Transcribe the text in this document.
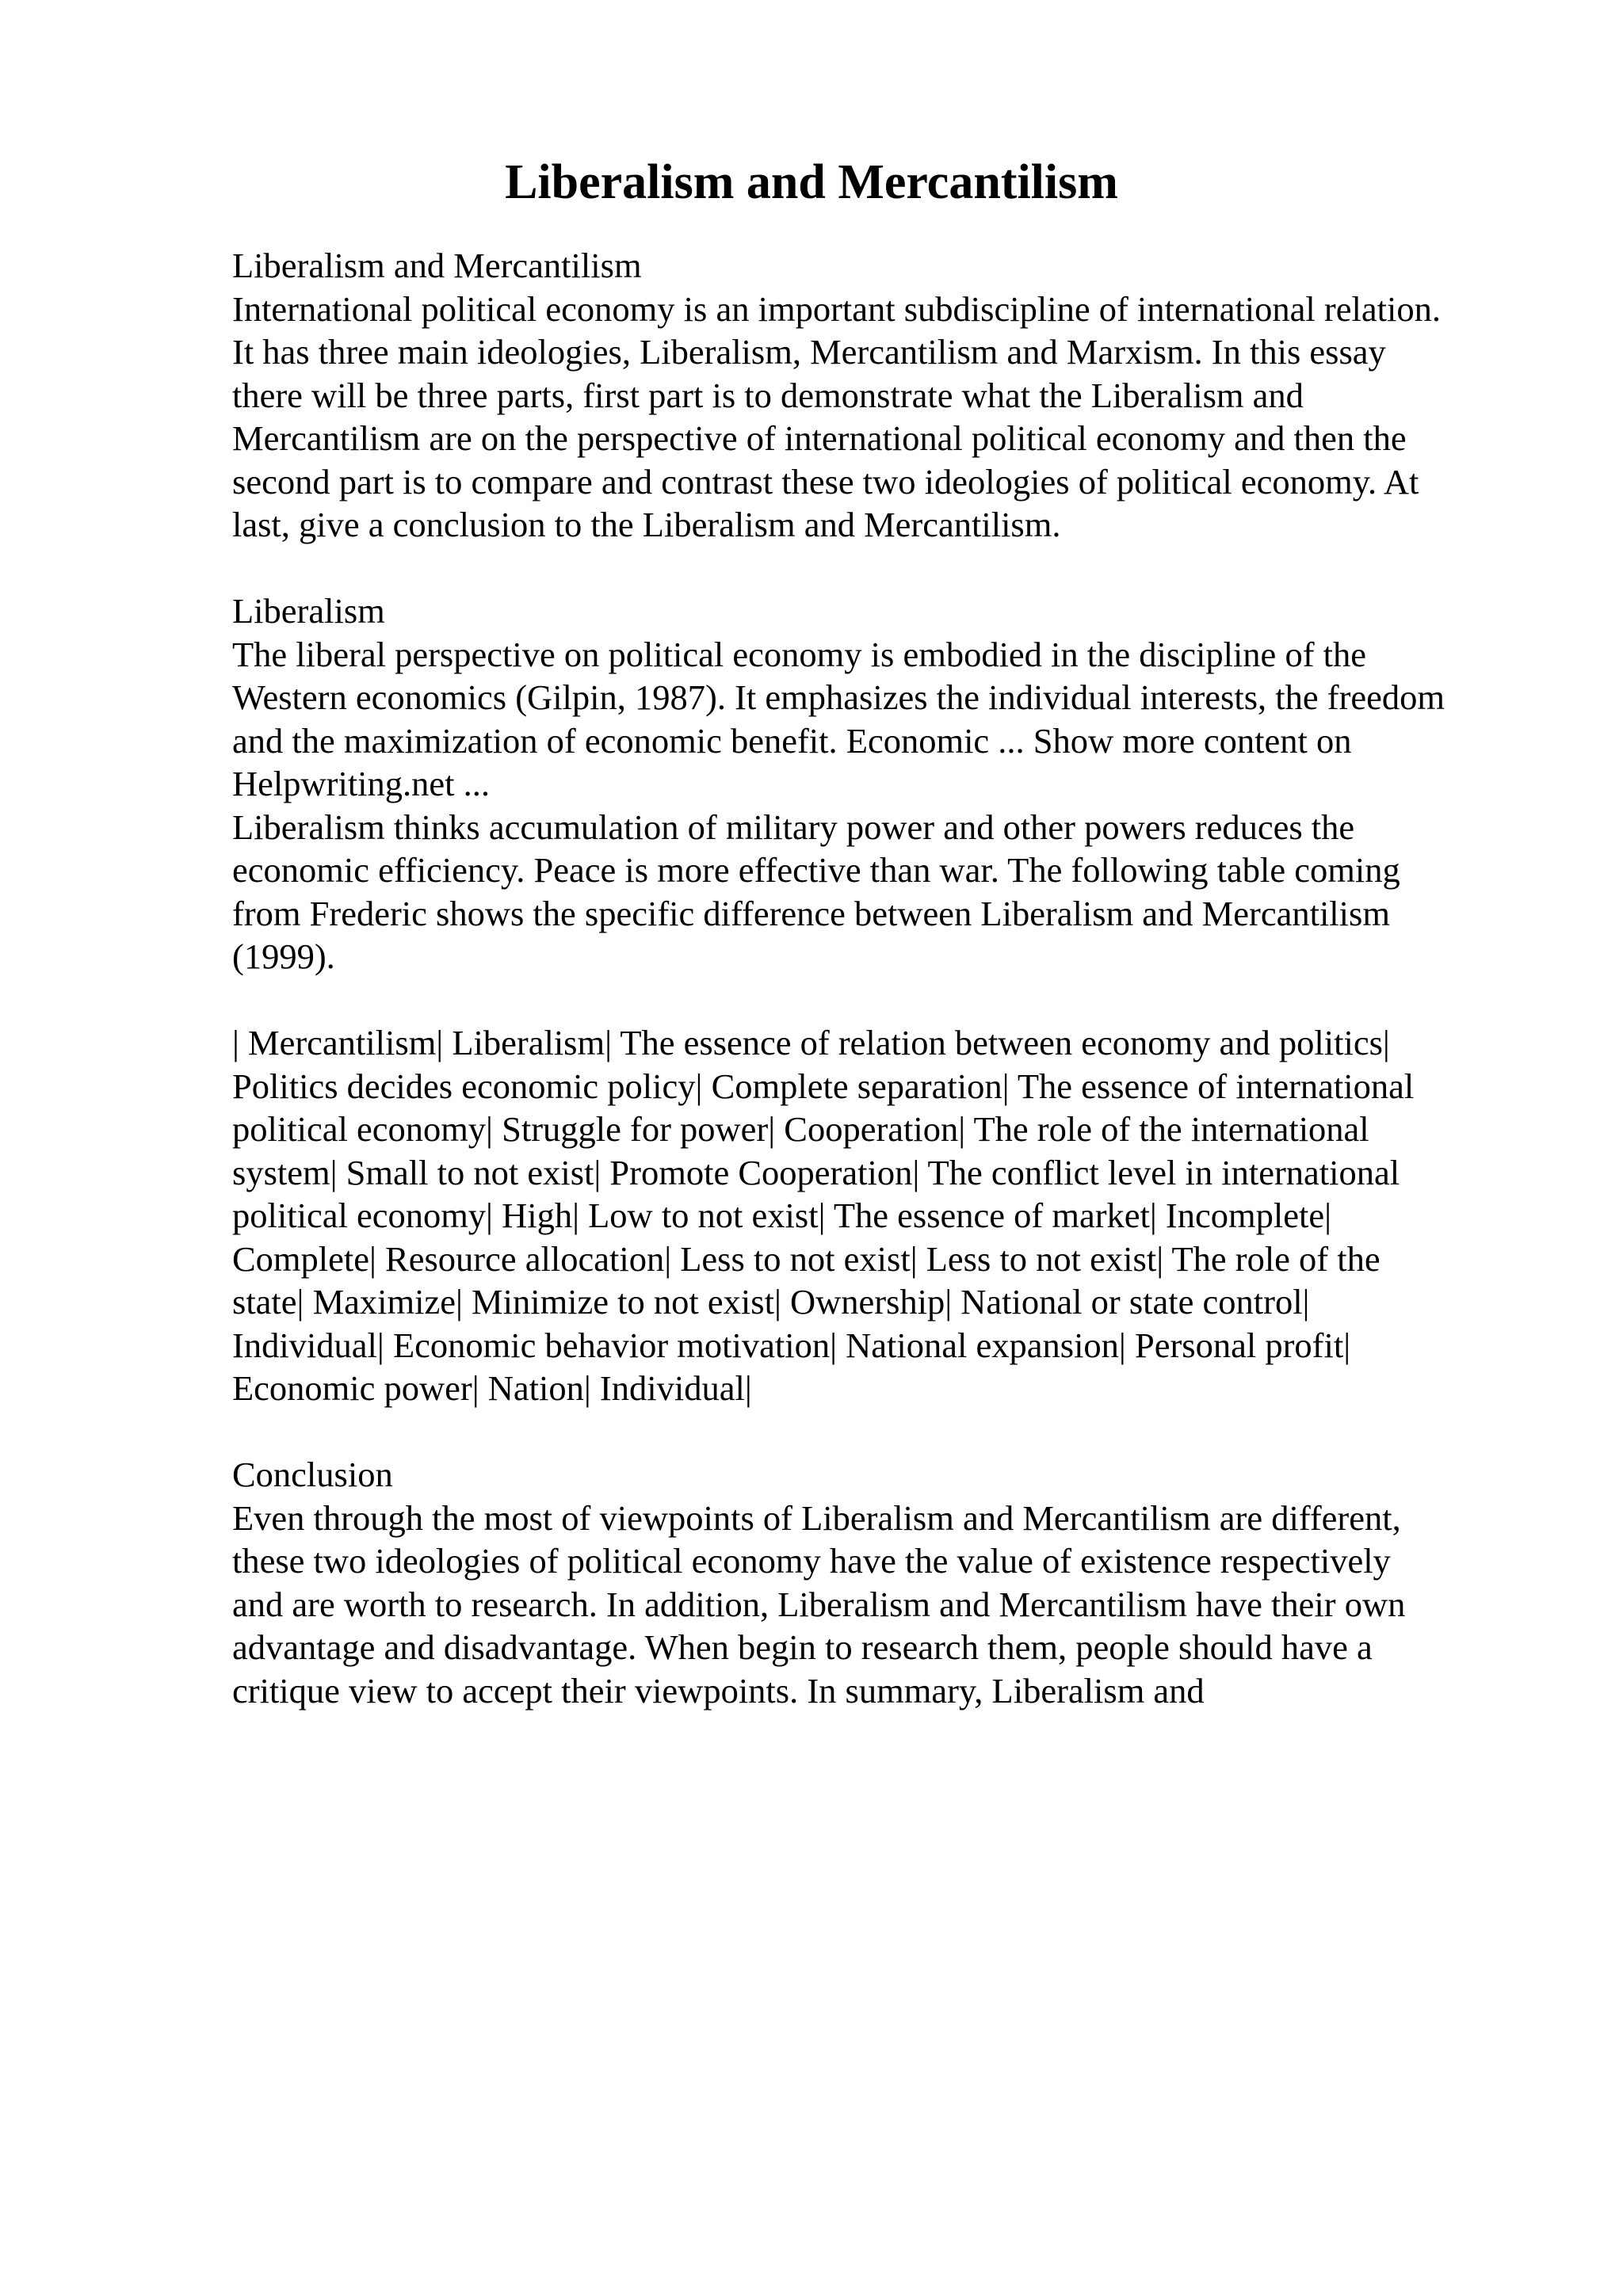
Liberalism and Mercantilism
Liberalism and Mercantilism
International political economy is an important subdiscipline of international relation.
It has three main ideologies, Liberalism, Mercantilism and Marxism. In this essay
there will be three parts, first part is to demonstrate what the Liberalism and
Mercantilism are on the perspective of international political economy and then the
second part is to compare and contrast these two ideologies of political economy. At
last, give a conclusion to the Liberalism and Mercantilism.
Liberalism
The liberal perspective on political economy is embodied in the discipline of the
Western economics (Gilpin, 1987). It emphasizes the individual interests, the freedom
and the maximization of economic benefit. Economic ... Show more content on
Helpwriting.net ...
Liberalism thinks accumulation of military power and other powers reduces the
economic efficiency. Peace is more effective than war. The following table coming
from Frederic shows the specific difference between Liberalism and Mercantilism
(1999).
| Mercantilism| Liberalism| The essence of relation between economy and politics|
Politics decides economic policy| Complete separation| The essence of international
political economy| Struggle for power| Cooperation| The role of the international
system| Small to not exist| Promote Cooperation| The conflict level in international
political economy| High| Low to not exist| The essence of market| Incomplete|
Complete| Resource allocation| Less to not exist| Less to not exist| The role of the
state| Maximize| Minimize to not exist| Ownership| National or state control|
Individual| Economic behavior motivation| National expansion| Personal profit|
Economic power| Nation| Individual|
Conclusion
Even through the most of viewpoints of Liberalism and Mercantilism are different,
these two ideologies of political economy have the value of existence respectively
and are worth to research. In addition, Liberalism and Mercantilism have their own
advantage and disadvantage. When begin to research them, people should have a
critique view to accept their viewpoints. In summary, Liberalism and
